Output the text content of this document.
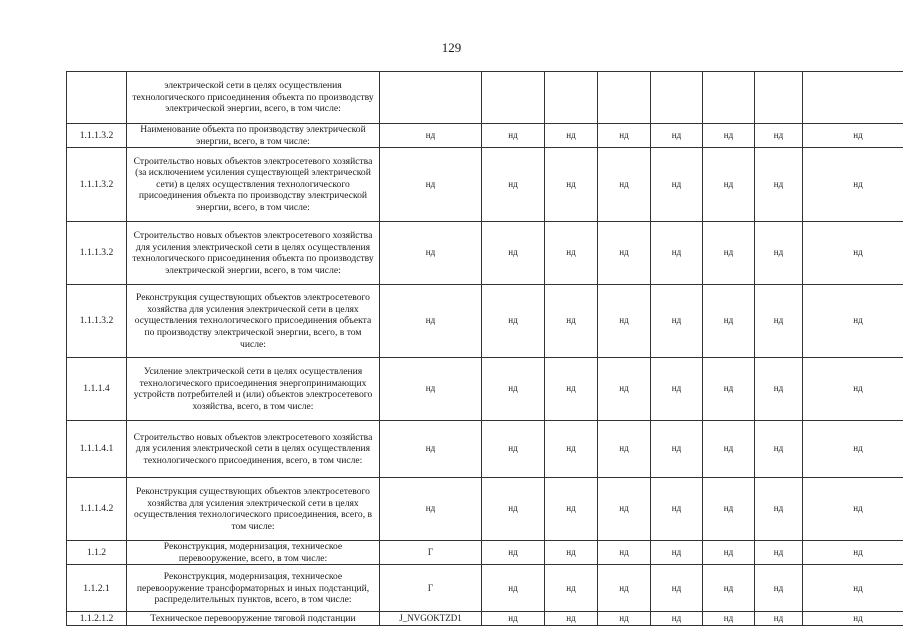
129
	электрической сети в целях осуществления технологического присоединения объекта по производству электрической энергии, всего, в том числе:								
1.1.1.3.2	Наименование объекта по производству электрической энергии, всего, в том числе:	нд	нд	нд	нд	нд	нд	нд	нд
1.1.1.3.2	Строительство новых объектов электросетевого хозяйства (за исключением усиления существующей электрической сети) в целях осуществления технологического присоединения объекта по производству электрической энергии, всего, в том числе:	нд	нд	нд	нд	нд	нд	нд	нд
1.1.1.3.2	Строительство новых объектов электросетевого хозяйства для усиления электрической сети в целях осуществления технологического присоединения объекта по производству электрической энергии, всего, в том числе:	нд	нд	нд	нд	нд	нд	нд	нд
1.1.1.3.2	Реконструкция существующих объектов электросетевого хозяйства для усиления электрической сети в целях осуществления технологического присоединения объекта по производству электрической энергии, всего, в том числе:	нд	нд	нд	нд	нд	нд	нд	нд
1.1.1.4	Усиление электрической сети в целях осуществления технологического присоединения энергопринимающих устройств потребителей и (или) объектов электросетевого хозяйства, всего, в том числе:	нд	нд	нд	нд	нд	нд	нд	нд
1.1.1.4.1	Строительство новых объектов электросетевого хозяйства для усиления электрической сети в целях осуществления технологического присоединения, всего, в том числе:	нд	нд	нд	нд	нд	нд	нд	нд
1.1.1.4.2	Реконструкция существующих объектов электросетевого хозяйства для усиления электрической сети в целях осуществления технологического присоединения, всего, в том числе:	нд	нд	нд	нд	нд	нд	нд	нд
1.1.2	Реконструкция, модернизация, техническое перевооружение, всего, в том числе:	Г	нд	нд	нд	нд	нд	нд	нд
1.1.2.1	Реконструкция, модернизация, техническое перевооружение трансформаторных и иных подстанций, распределительных пунктов, всего, в том числе:	Г	нд	нд	нд	нд	нд	нд	нд
1.1.2.1.2	Техническое перевооружение тяговой подстанции	J_NVGOKTZD1	нд	нд	нд	нд	нд	нд	нд
